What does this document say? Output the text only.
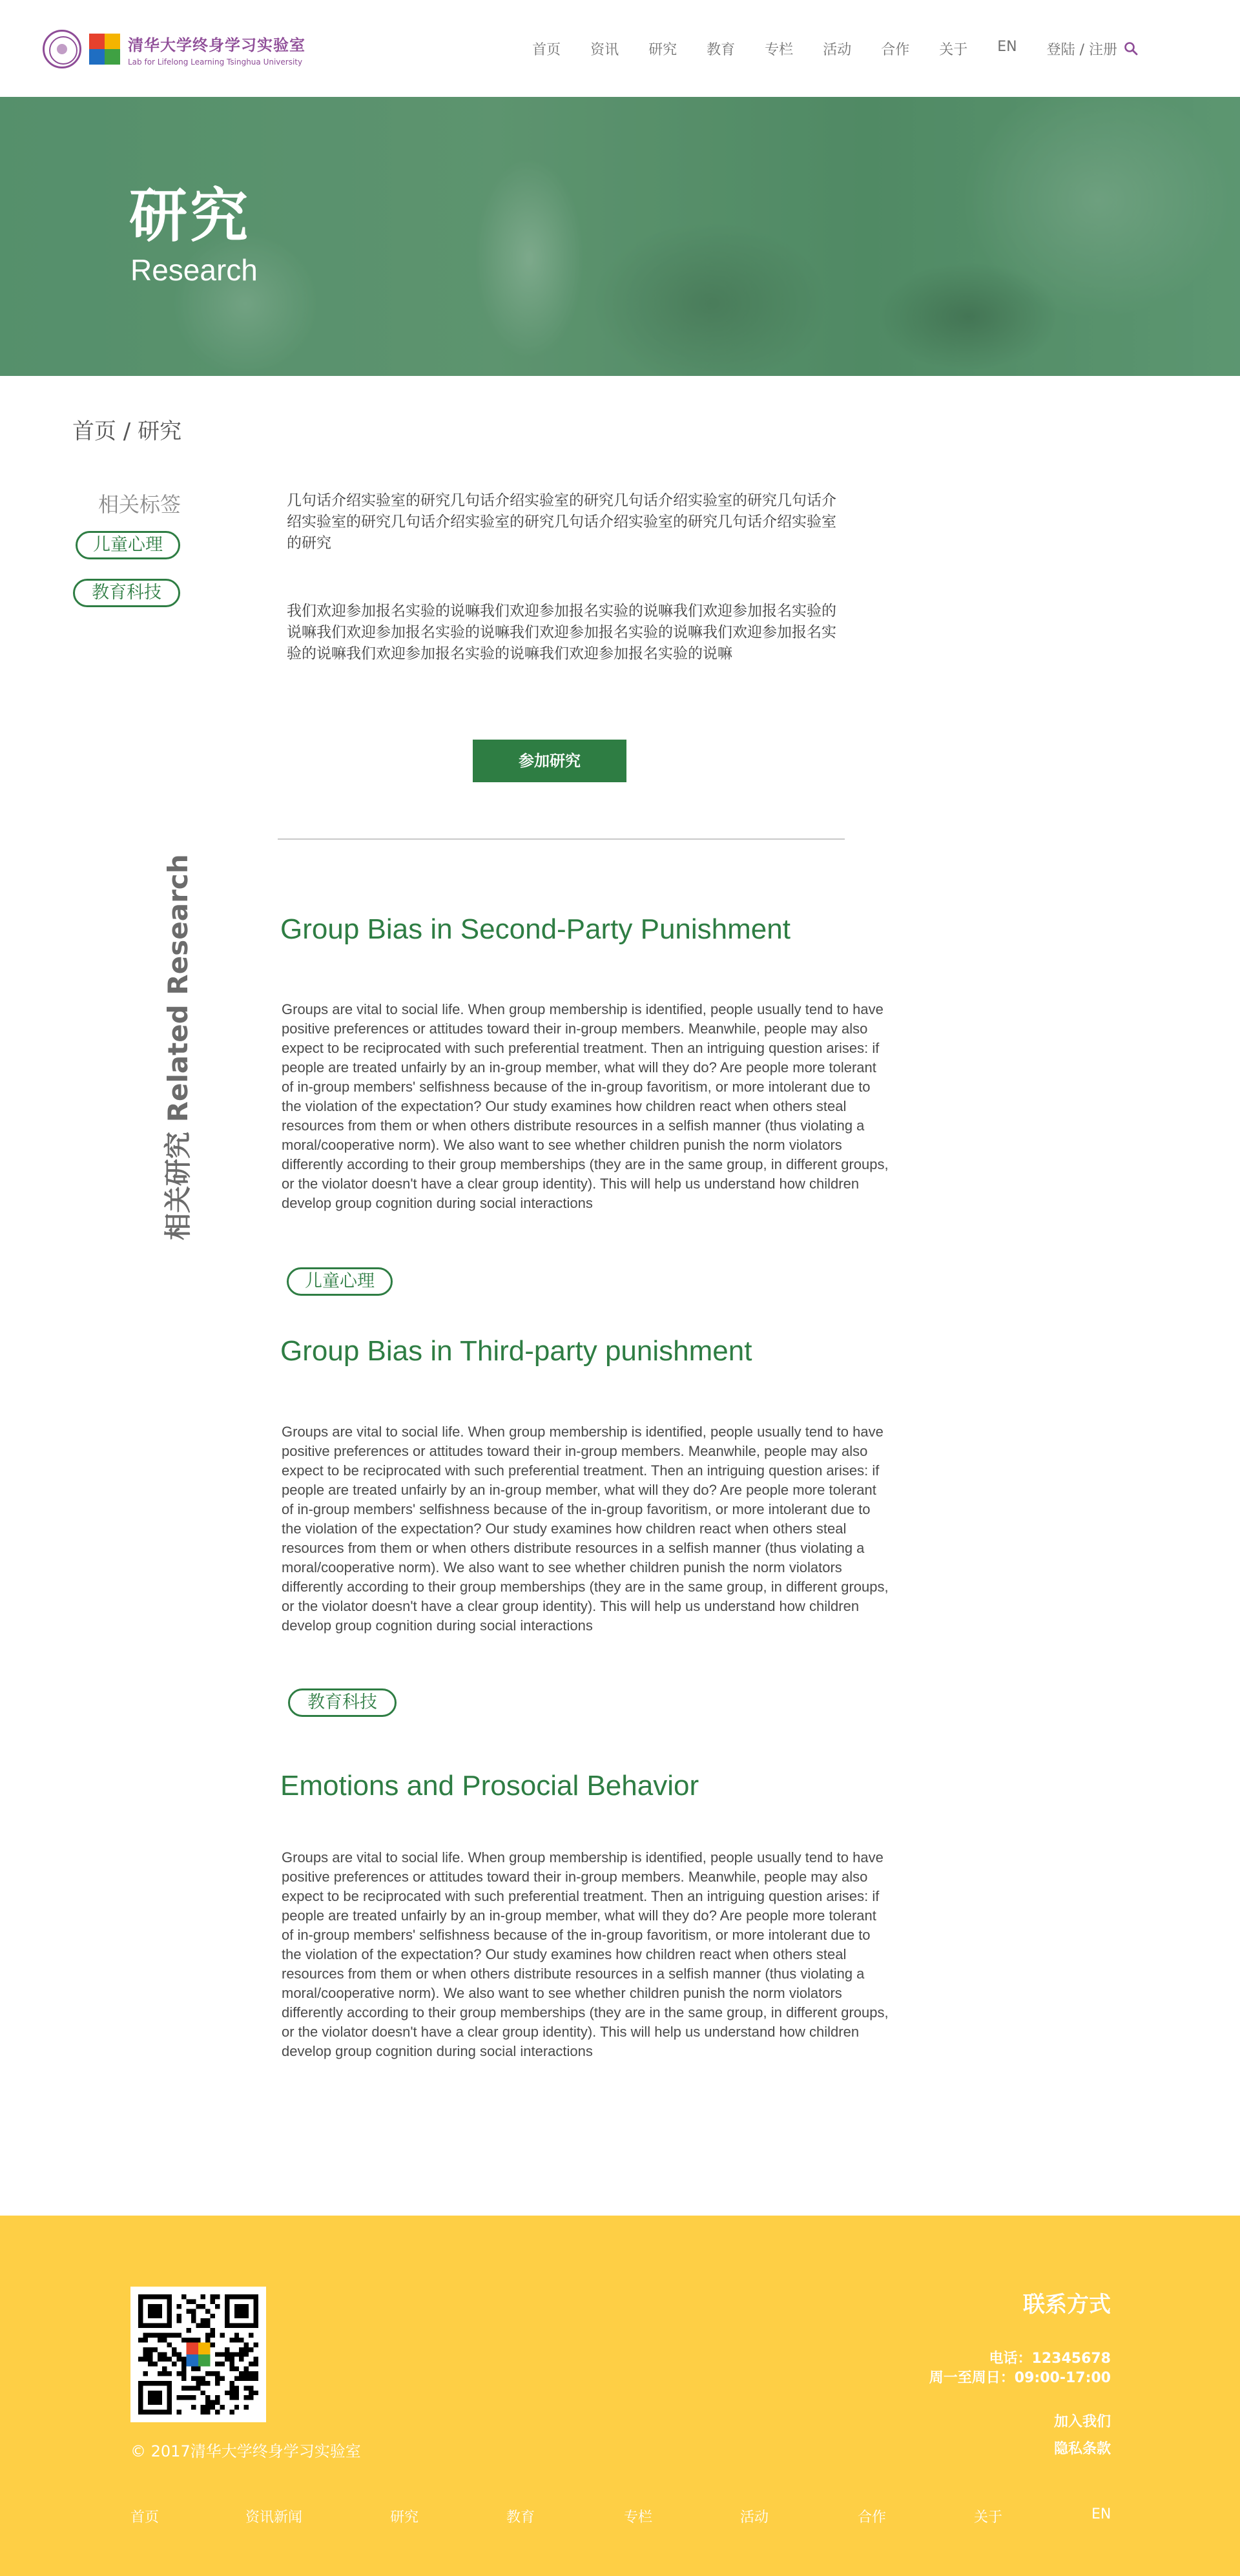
清华大学终身学习实验室
Lab for Lifelong Learning Tsinghua University
首页 资讯 研究 教育 专栏 活动 合作 关于 EN 登陆 / 注册
研究
Research
首页 / 研究
相关标签
儿童心理
教育科技

几句话介绍实验室的研究几句话介绍实验室的研究几句话介绍实验室的研究几句话介绍实验室的研究几句话介绍实验室的研究几句话介绍实验室的研究几句话介绍实验室的研究

我们欢迎参加报名实验的说嘛我们欢迎参加报名实验的说嘛我们欢迎参加报名实验的说嘛我们欢迎参加报名实验的说嘛我们欢迎参加报名实验的说嘛我们欢迎参加报名实验的说嘛我们欢迎参加报名实验的说嘛我们欢迎参加报名实验的说嘛

参加研究
相关研究 Related Research	Group Bias in Second-Party Punishment

Groups are vital to social life. When group membership is identified, people usually tend to have positive preferences or attitudes toward their in-group members. Meanwhile, people may also expect to be reciprocated with such preferential treatment. Then an intriguing question arises: if people are treated unfairly by an in-group member, what will they do? Are people more tolerant of in-group members' selfishness because of the in-group favoritism, or more intolerant due to the violation of the expectation? Our study examines how children react when others steal resources from them or when others distribute resources in a selfish manner (thus violating a moral/cooperative norm). We also want to see whether children punish the norm violators differently according to their group memberships (they are in the same group, in different groups, or the violator doesn't have a clear group identity). This will help us understand how children develop group cognition during social interactions

儿童心理
Group Bias in Third-party punishment

Groups are vital to social life. When group membership is identified, people usually tend to have positive preferences or attitudes toward their in-group members. Meanwhile, people may also expect to be reciprocated with such preferential treatment. Then an intriguing question arises: if people are treated unfairly by an in-group member, what will they do? Are people more tolerant of in-group members' selfishness because of the in-group favoritism, or more intolerant due to the violation of the expectation? Our study examines how children react when others steal resources from them or when others distribute resources in a selfish manner (thus violating a moral/cooperative norm). We also want to see whether children punish the norm violators differently according to their group memberships (they are in the same group, in different groups, or the violator doesn't have a clear group identity). This will help us understand how children develop group cognition during social interactions

教育科技
Emotions and Prosocial Behavior

Groups are vital to social life. When group membership is identified, people usually tend to have positive preferences or attitudes toward their in-group members. Meanwhile, people may also expect to be reciprocated with such preferential treatment. Then an intriguing question arises: if people are treated unfairly by an in-group member, what will they do? Are people more tolerant of in-group members' selfishness because of the in-group favoritism, or more intolerant due to the violation of the expectation? Our study examines how children react when others steal resources from them or when others distribute resources in a selfish manner (thus violating a moral/cooperative norm). We also want to see whether children punish the norm violators differently according to their group memberships (they are in the same group, in different groups, or the violator doesn't have a clear group identity). This will help us understand how children develop group cognition during social interactions

© 2017清华大学终身学习实验室
联系方式
电话：12345678
周一至周日：09:00-17:00
加入我们
隐私条款
首页	资讯新闻	研究	教育	专栏	活动	合作	关于	EN
